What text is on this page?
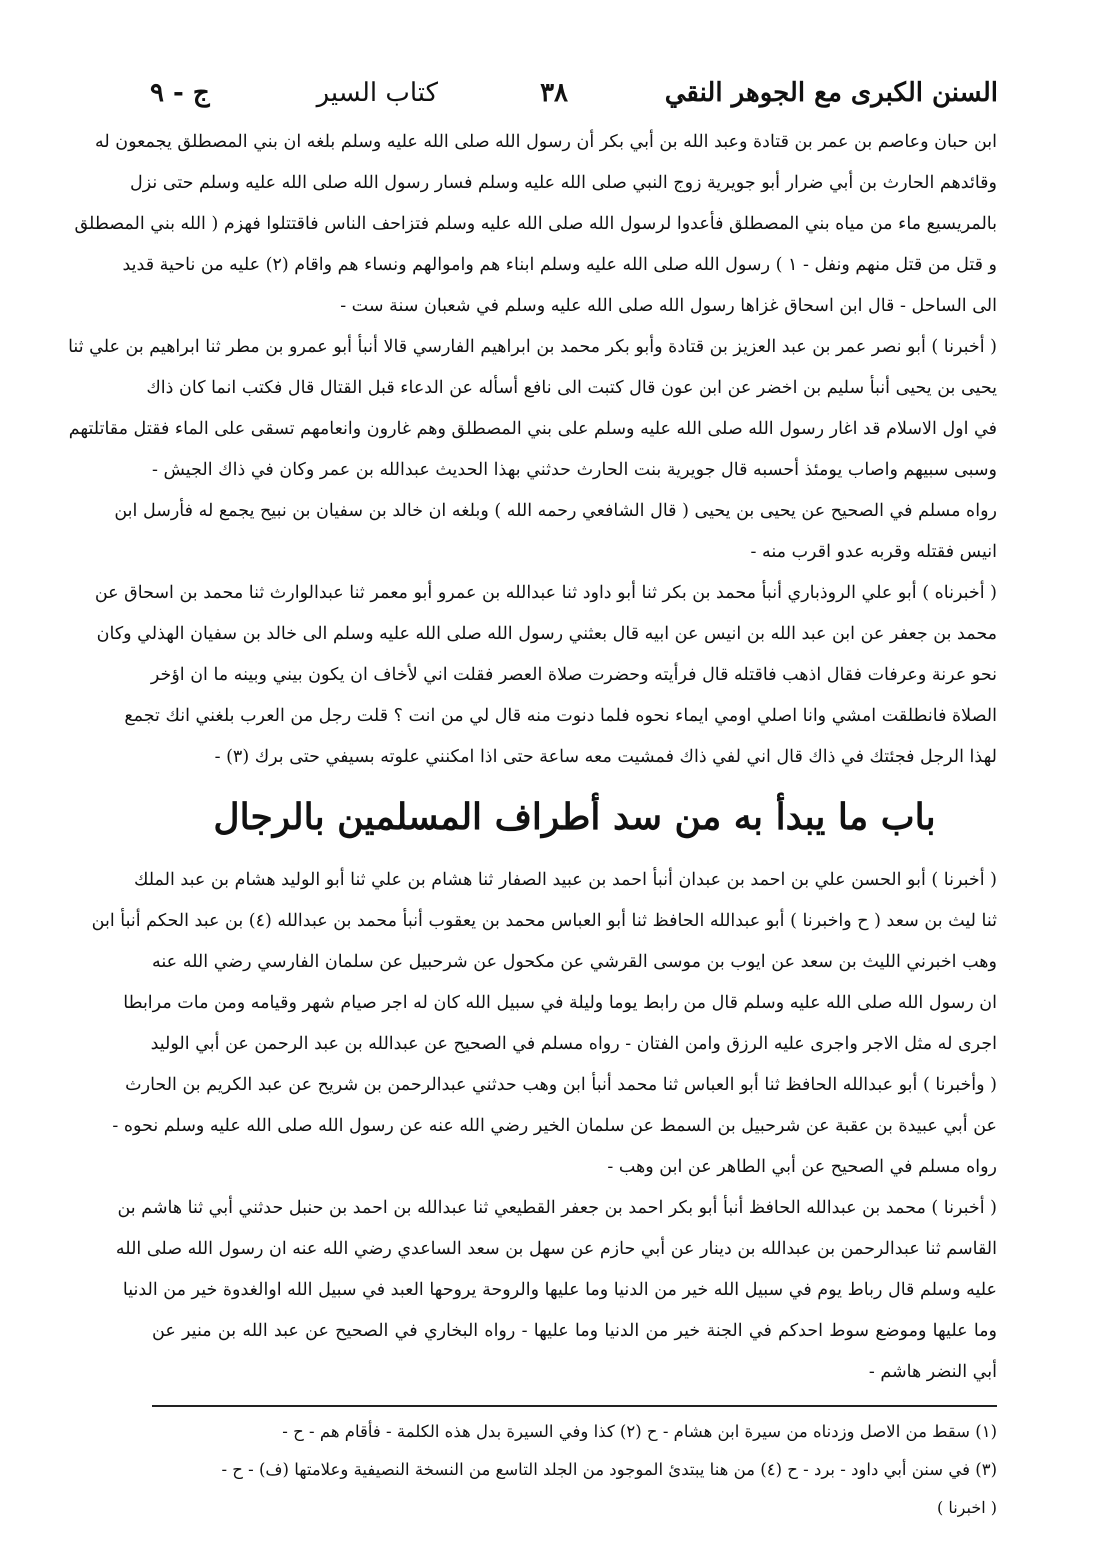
السنن الكبرى مع الجوهر النقي
٣٨
كتاب السير
ج - ٩
ابن حبان وعاصم بن عمر بن قتادة وعبد الله بن أبي بكر أن رسول الله صلى الله عليه وسلم بلغه ان بني المصطلق يجمعون له
وقائدهم الحارث بن أبي ضرار أبو جويرية زوج النبي صلى الله عليه وسلم فسار رسول الله صلى الله عليه وسلم حتى نزل
بالمريسيع ماء من مياه بني المصطلق فأعدوا لرسول الله صلى الله عليه وسلم فتزاحف الناس فاقتتلوا فهزم ( الله بني المصطلق
و قتل من قتل منهم ونفل - ١ ) رسول الله صلى الله عليه وسلم ابناء هم واموالهم ونساء هم واقام (٢) عليه من ناحية قديد
الى الساحل - قال ابن اسحاق غزاها رسول الله صلى الله عليه وسلم في شعبان سنة ست -
( أخبرنا ) أبو نصر عمر بن عبد العزيز بن قتادة وأبو بكر محمد بن ابراهيم الفارسي قالا أنبأ أبو عمرو بن مطر ثنا ابراهيم بن علي ثنا
يحيى بن يحيى أنبأ سليم بن اخضر عن ابن عون قال كتبت الى نافع أسأله عن الدعاء قبل القتال قال فكتب انما كان ذاك
في اول الاسلام قد اغار رسول الله صلى الله عليه وسلم على بني المصطلق وهم غارون وانعامهم تسقى على الماء فقتل مقاتلتهم
وسبى سبيهم واصاب يومئذ أحسبه قال جويرية بنت الحارث حدثني بهذا الحديث عبدالله بن عمر وكان في ذاك الجيش -
رواه مسلم في الصحيح عن يحيى بن يحيى ( قال الشافعي رحمه الله ) وبلغه ان خالد بن سفيان بن نبيح يجمع له فأرسل ابن
انيس فقتله وقربه عدو اقرب منه -
( أخبرناه ) أبو علي الروذباري أنبأ محمد بن بكر ثنا أبو داود ثنا عبدالله بن عمرو أبو معمر ثنا عبدالوارث ثنا محمد بن اسحاق عن
محمد بن جعفر عن ابن عبد الله بن انيس عن ابيه قال بعثني رسول الله صلى الله عليه وسلم الى خالد بن سفيان الهذلي وكان
نحو عرنة وعرفات فقال اذهب فاقتله قال فرأيته وحضرت صلاة العصر فقلت اني لأخاف ان يكون بيني وبينه ما ان اؤخر
الصلاة فانطلقت امشي وانا اصلي اومي ايماء نحوه فلما دنوت منه قال لي من انت ؟ قلت رجل من العرب بلغني انك تجمع
لهذا الرجل فجئتك في ذاك قال اني لفي ذاك فمشيت معه ساعة حتى اذا امكنني علوته بسيفي حتى برك (٣) -
باب ما يبدأ به من سد أطراف المسلمين بالرجال
( أخبرنا ) أبو الحسن علي بن احمد بن عبدان أنبأ احمد بن عبيد الصفار ثنا هشام بن علي ثنا أبو الوليد هشام بن عبد الملك
ثنا ليث بن سعد ( ح واخبرنا ) أبو عبدالله الحافظ ثنا أبو العباس محمد بن يعقوب أنبأ محمد بن عبدالله (٤) بن عبد الحكم أنبأ ابن
وهب اخبرني الليث بن سعد عن ايوب بن موسى القرشي عن مكحول عن شرحبيل عن سلمان الفارسي رضي الله عنه
ان رسول الله صلى الله عليه وسلم قال من رابط يوما وليلة في سبيل الله كان له اجر صيام شهر وقيامه ومن مات مرابطا
اجرى له مثل الاجر واجرى عليه الرزق وامن الفتان - رواه مسلم في الصحيح عن عبدالله بن عبد الرحمن عن أبي الوليد
( وأخبرنا ) أبو عبدالله الحافظ ثنا أبو العباس ثنا محمد أنبأ ابن وهب حدثني عبدالرحمن بن شريح عن عبد الكريم بن الحارث
عن أبي عبيدة بن عقبة عن شرحبيل بن السمط عن سلمان الخير رضي الله عنه عن رسول الله صلى الله عليه وسلم نحوه -
رواه مسلم في الصحيح عن أبي الطاهر عن ابن وهب -
( أخبرنا ) محمد بن عبدالله الحافظ أنبأ أبو بكر احمد بن جعفر القطيعي ثنا عبدالله بن احمد بن حنبل حدثني أبي ثنا هاشم بن
القاسم ثنا عبدالرحمن بن عبدالله بن دينار عن أبي حازم عن سهل بن سعد الساعدي رضي الله عنه ان رسول الله صلى الله
عليه وسلم قال رباط يوم في سبيل الله خير من الدنيا وما عليها والروحة يروحها العبد في سبيل الله اوالغدوة خير من الدنيا
وما عليها وموضع سوط احدكم في الجنة خير من الدنيا وما عليها - رواه البخاري في الصحيح عن عبد الله بن منير عن
أبي النضر هاشم -
(١) سقط من الاصل وزدناه من سيرة ابن هشام - ح (٢) كذا وفي السيرة بدل هذه الكلمة - فأقام هم - ح -
(٣) في سنن أبي داود - برد - ح (٤) من هنا يبتدئ الموجود من الجلد التاسع من النسخة النصيفية وعلامتها (ف) - ح -
( اخبرنا )
